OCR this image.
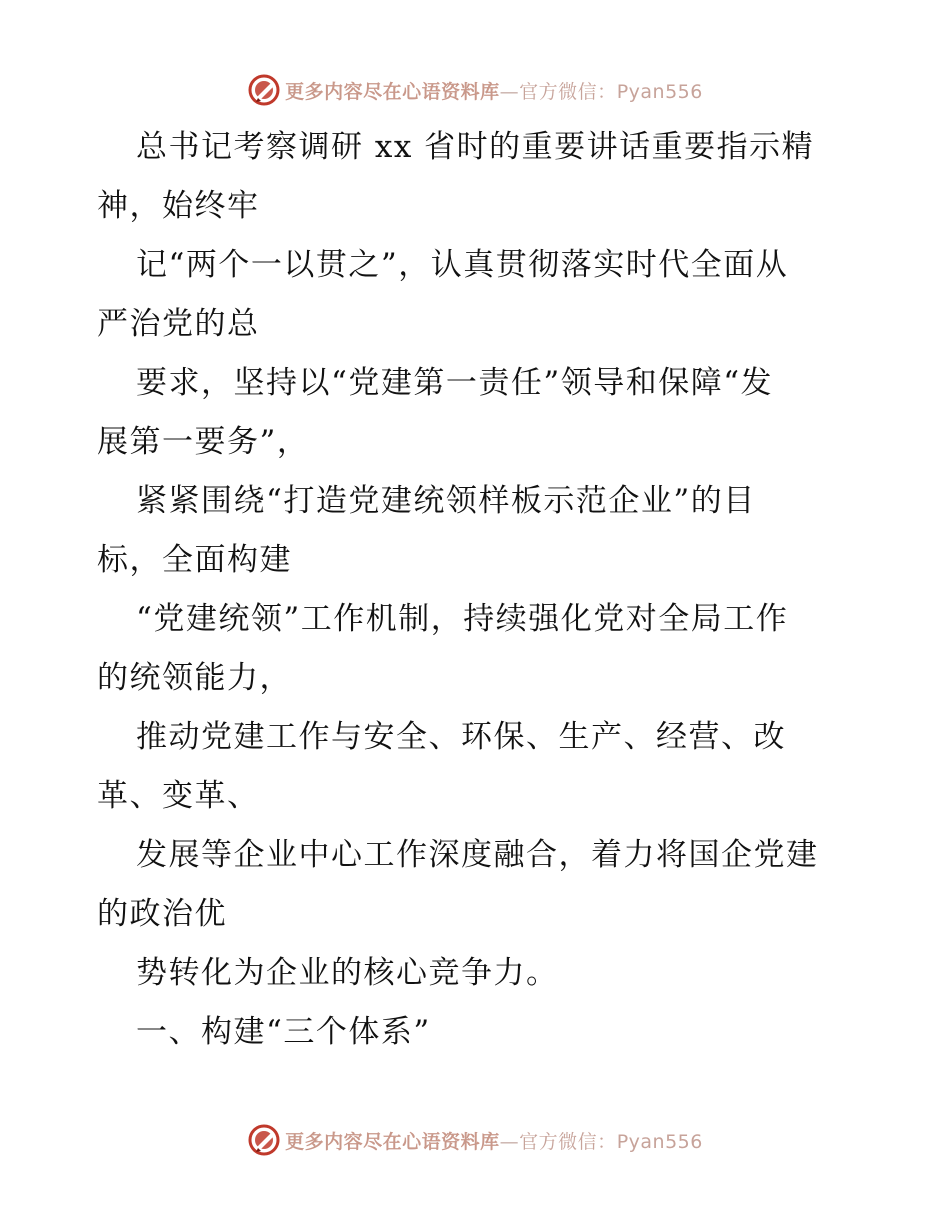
更多内容尽在心语资料库—官方微信：Pyan556
总书记考察调研 xx 省时的重要讲话重要指示精
神，始终牢
记“两个一以贯之”，认真贯彻落实时代全面从
严治党的总
要求，坚持以“党建第一责任”领导和保障“发
展第一要务”，
紧紧围绕“打造党建统领样板示范企业”的目
标，全面构建
“党建统领”工作机制，持续强化党对全局工作
的统领能力，
推动党建工作与安全、环保、生产、经营、改
革、变革、
发展等企业中心工作深度融合，着力将国企党建
的政治优
势转化为企业的核心竞争力。
一、构建“三个体系”
更多内容尽在心语资料库—官方微信：Pyan556
